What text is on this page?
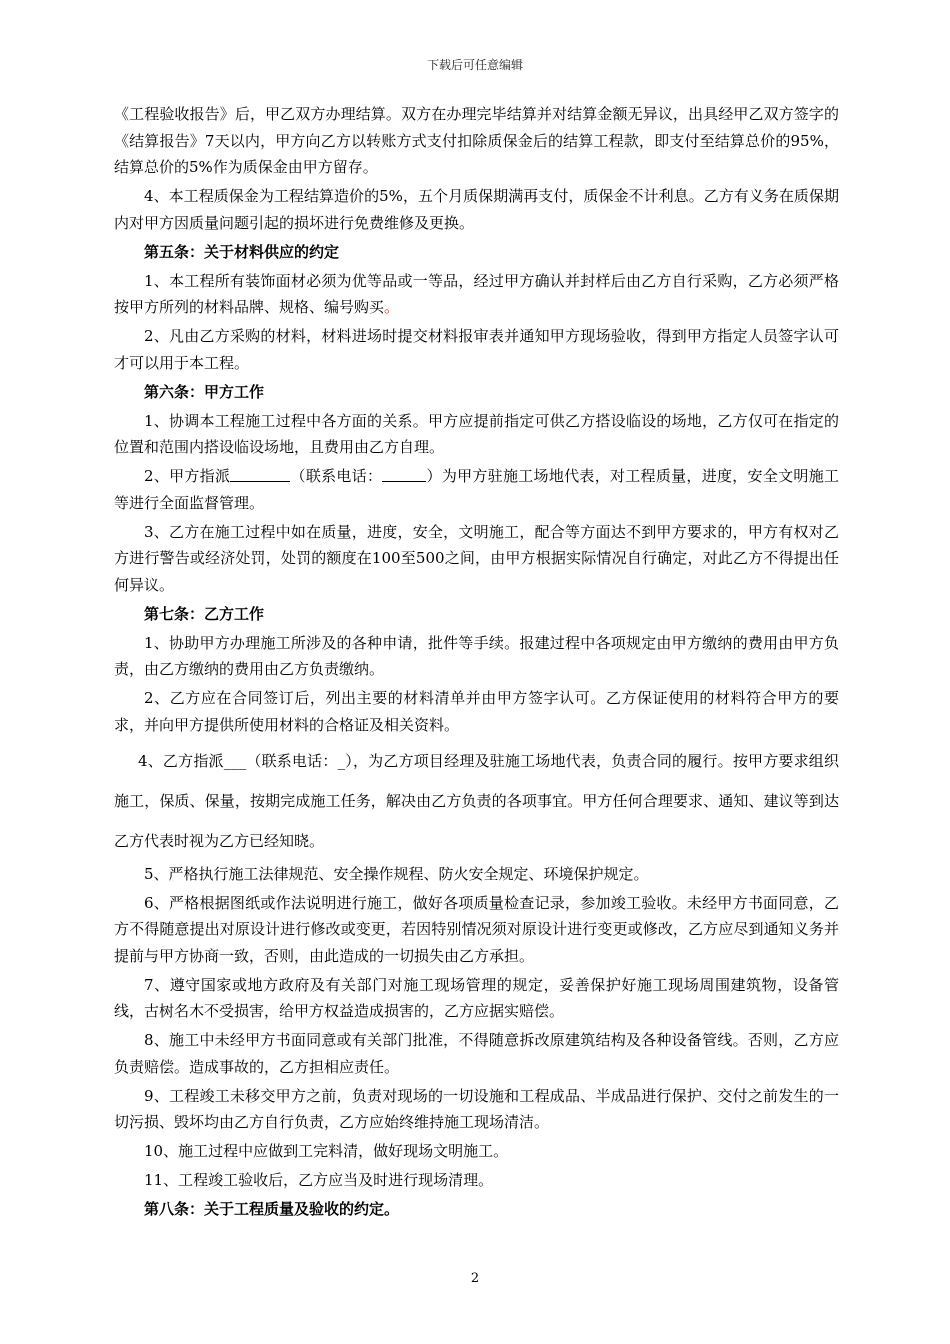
下载后可任意编辑

《工程验收报告》后，甲乙双方办理结算。双方在办理完毕结算并对结算金额无异议，出具经甲乙双方签字的《结算报告》7天以内，甲方向乙方以转账方式支付扣除质保金后的结算工程款，即支付至结算总价的95%，结算总价的5%作为质保金由甲方留存。

4、本工程质保金为工程结算造价的5%，五个月质保期满再支付，质保金不计利息。乙方有义务在质保期内对甲方因质量问题引起的损坏进行免费维修及更换。

第五条：关于材料供应的约定

1、本工程所有装饰面材必须为优等品或一等品，经过甲方确认并封样后由乙方自行采购，乙方必须严格按甲方所列的材料品牌、规格、编号购买。

2、凡由乙方采购的材料，材料进场时提交材料报审表并通知甲方现场验收，得到甲方指定人员签字认可才可以用于本工程。

第六条：甲方工作

1、协调本工程施工过程中各方面的关系。甲方应提前指定可供乙方搭设临设的场地，乙方仅可在指定的位置和范围内搭设临设场地，且费用由乙方自理。

2、甲方指派	（联系电话：	）为甲方驻施工场地代表，对工程质量，进度，安全文明施工等进行全面监督管理。

3、乙方在施工过程中如在质量，进度，安全，文明施工，配合等方面达不到甲方要求的，甲方有权对乙方进行警告或经济处罚，处罚的额度在100至500之间，由甲方根据实际情况自行确定，对此乙方不得提出任何异议。

第七条：乙方工作

1、协助甲方办理施工所涉及的各种申请，批件等手续。报建过程中各项规定由甲方缴纳的费用由甲方负责，由乙方缴纳的费用由乙方负责缴纳。

2、乙方应在合同签订后，列出主要的材料清单并由甲方签字认可。乙方保证使用的材料符合甲方的要求，并向甲方提供所使用材料的合格证及相关资料。

4、乙方指派___（联系电话：_），为乙方项目经理及驻施工场地代表，负责合同的履行。按甲方要求组织施工，保质、保量，按期完成施工任务，解决由乙方负责的各项事宜。甲方任何合理要求、通知、建议等到达乙方代表时视为乙方已经知晓。

5、严格执行施工法律规范、安全操作规程、防火安全规定、环境保护规定。

6、严格根据图纸或作法说明进行施工，做好各项质量检查记录，参加竣工验收。未经甲方书面同意，乙方不得随意提出对原设计进行修改或变更，若因特别情况须对原设计进行变更或修改，乙方应尽到通知义务并提前与甲方协商一致，否则，由此造成的一切损失由乙方承担。

7、遵守国家或地方政府及有关部门对施工现场管理的规定，妥善保护好施工现场周围建筑物，设备管线，古树名木不受损害，给甲方权益造成损害的，乙方应据实赔偿。

8、施工中未经甲方书面同意或有关部门批准，不得随意拆改原建筑结构及各种设备管线。否则，乙方应负责赔偿。造成事故的，乙方担相应责任。

9、工程竣工未移交甲方之前，负责对现场的一切设施和工程成品、半成品进行保护、交付之前发生的一切污损、毁坏均由乙方自行负责，乙方应始终维持施工现场清洁。

10、施工过程中应做到工完料清，做好现场文明施工。

11、工程竣工验收后，乙方应当及时进行现场清理。

第八条：关于工程质量及验收的约定。

2
